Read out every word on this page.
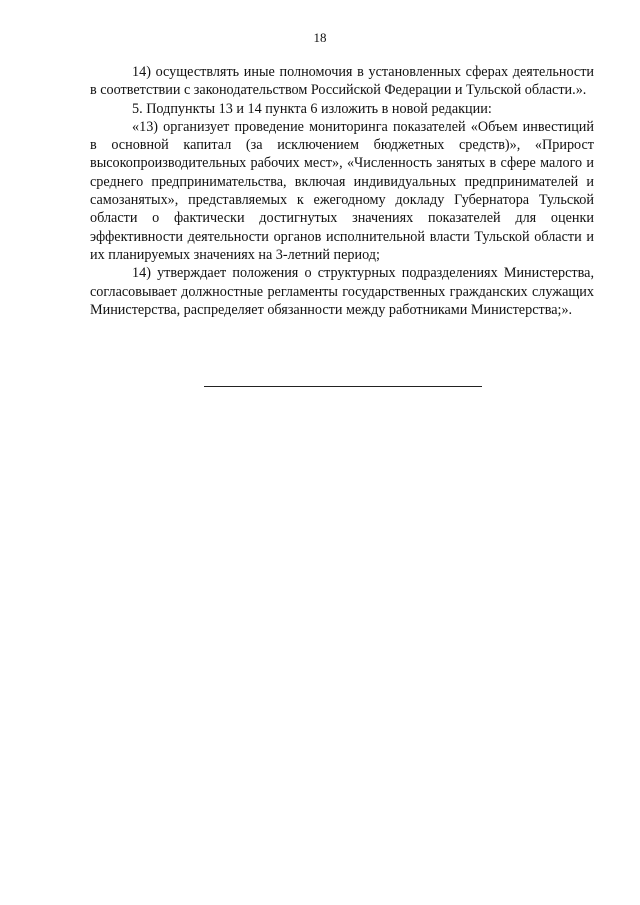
18

14) осуществлять иные полномочия в установленных сферах деятельности в соответствии с законодательством Российской Федерации и Тульской области.».

5. Подпункты 13 и 14 пункта 6 изложить в новой редакции:

«13) организует проведение мониторинга показателей «Объем инвестиций в основной капитал (за исключением бюджетных средств)», «Прирост высокопроизводительных рабочих мест», «Численность занятых в сфере малого и среднего предпринимательства, включая индивидуальных предпринимателей и самозанятых», представляемых к ежегодному докладу Губернатора Тульской области о фактически достигнутых значениях показателей для оценки эффективности деятельности органов исполнительной власти Тульской области и их планируемых значениях на 3-летний период;

14) утверждает положения о структурных подразделениях Министерства, согласовывает должностные регламенты государственных гражданских служащих Министерства, распределяет обязанности между работниками Министерства;».
